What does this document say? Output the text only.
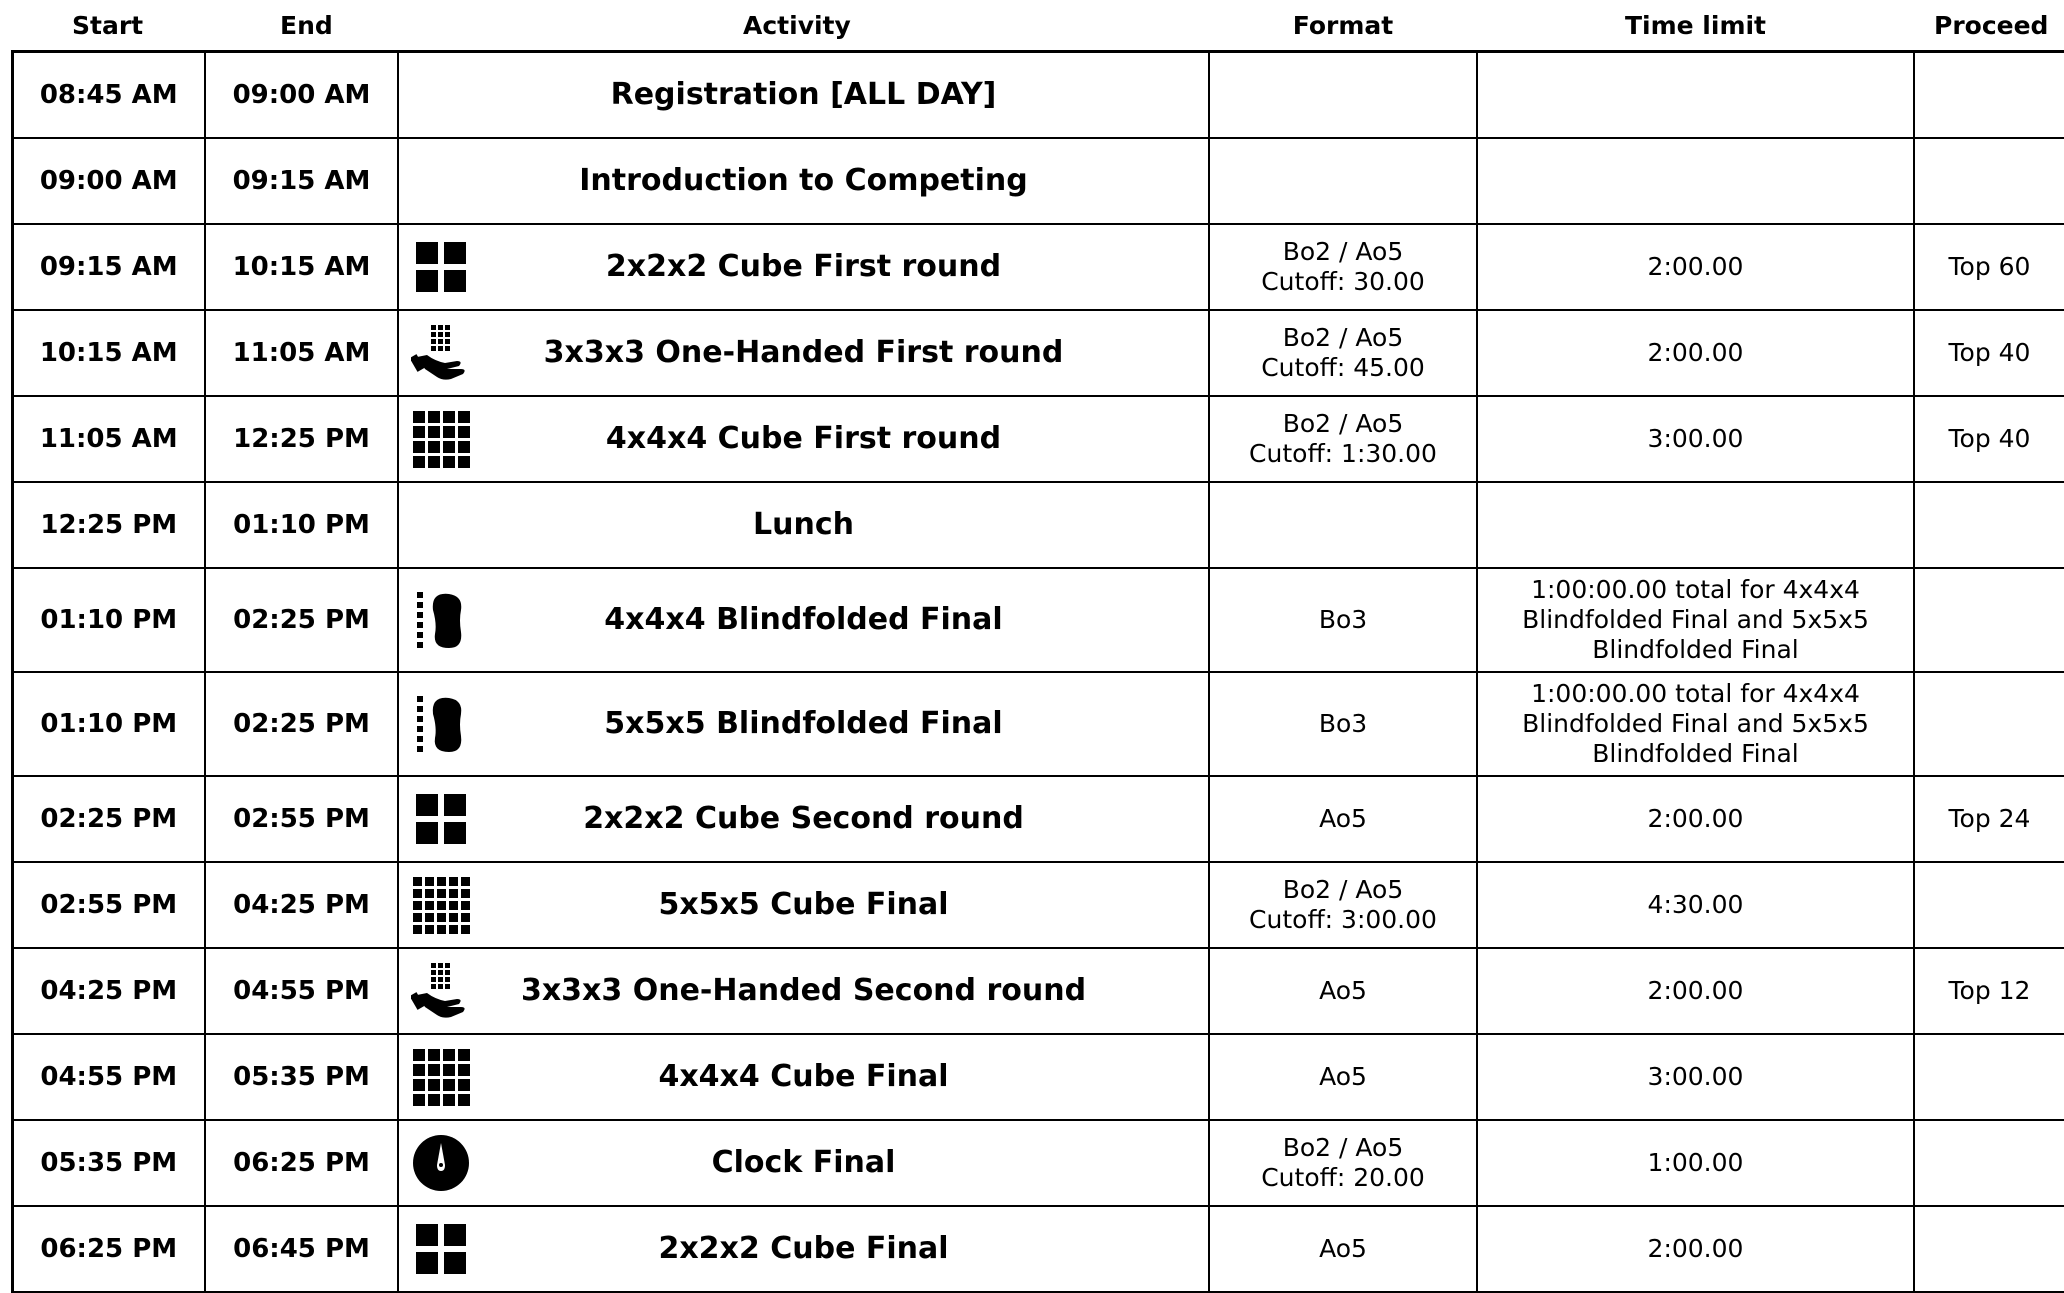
	Start	End	Activity	Format	Time limit	Proceed
	08:45 AM	09:00 AM	Registration [ALL DAY]			
	09:00 AM	09:15 AM	Introduction to Competing			
	09:15 AM	10:15 AM	2x2x2 Cube First round	Bo2 / Ao5
Cutoff: 30.00	2:00.00	Top 60
	10:15 AM	11:05 AM	3x3x3 One-Handed First round	Bo2 / Ao5
Cutoff: 45.00	2:00.00	Top 40
	11:05 AM	12:25 PM	4x4x4 Cube First round	Bo2 / Ao5
Cutoff: 1:30.00	3:00.00	Top 40
	12:25 PM	01:10 PM	Lunch			
	01:10 PM	02:25 PM	4x4x4 Blindfolded Final	Bo3	1:00:00.00 total for 4x4x4
Blindfolded Final and 5x5x5
Blindfolded Final	
	01:10 PM	02:25 PM	5x5x5 Blindfolded Final	Bo3	1:00:00.00 total for 4x4x4
Blindfolded Final and 5x5x5
Blindfolded Final	
	02:25 PM	02:55 PM	2x2x2 Cube Second round	Ao5	2:00.00	Top 24
	02:55 PM	04:25 PM	5x5x5 Cube Final	Bo2 / Ao5
Cutoff: 3:00.00	4:30.00	
	04:25 PM	04:55 PM	3x3x3 One-Handed Second round	Ao5	2:00.00	Top 12
	04:55 PM	05:35 PM	4x4x4 Cube Final	Ao5	3:00.00	
	05:35 PM	06:25 PM	Clock Final	Bo2 / Ao5
Cutoff: 20.00	1:00.00	
	06:25 PM	06:45 PM	2x2x2 Cube Final	Ao5	2:00.00	
